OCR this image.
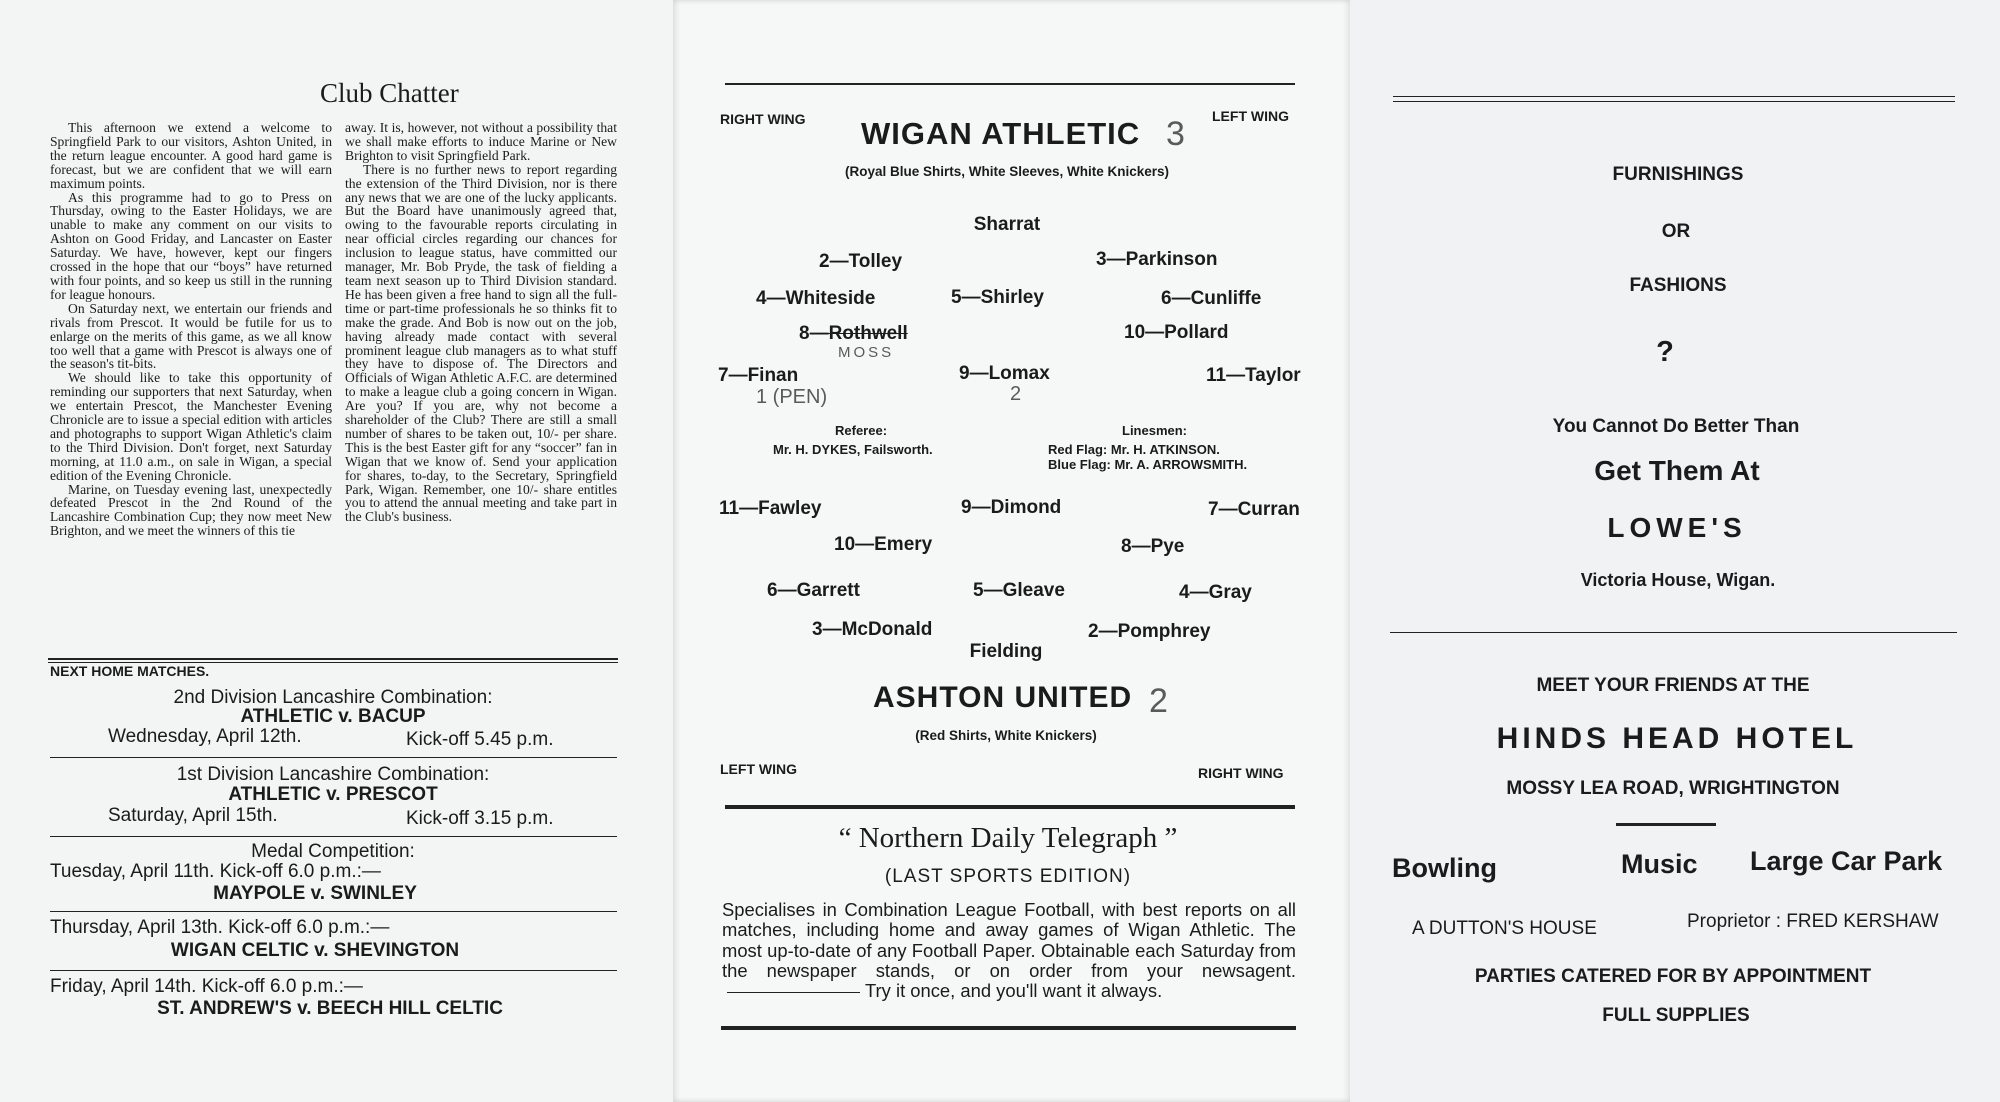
Club Chatter

This afternoon we extend a welcome to Springfield Park to our visitors, Ashton United, in the return league encounter. A good hard game is forecast, but we are confident that we will earn maximum points.

As this programme had to go to Press on Thursday, owing to the Easter Holidays, we are unable to make any comment on our visits to Ashton on Good Friday, and Lancaster on Easter Saturday. We have, however, kept our fingers crossed in the hope that our “boys” have returned with four points, and so keep us still in the running for league honours.

On Saturday next, we entertain our friends and rivals from Prescot. It would be futile for us to enlarge on the merits of this game, as we all know too well that a game with Prescot is always one of the season's tit-bits.

We should like to take this opportunity of reminding our supporters that next Saturday, when we entertain Prescot, the Manchester Evening Chronicle are to issue a special edition with articles and photographs to support Wigan Athletic's claim to the Third Division. Don't forget, next Saturday morning, at 11.0 a.m., on sale in Wigan, a special edition of the Evening Chronicle.

Marine, on Tuesday evening last, unexpectedly defeated Prescot in the 2nd Round of the Lancashire Combination Cup; they now meet New Brighton, and we meet the winners of this tie

away. It is, however, not without a possibility that we shall make efforts to induce Marine or New Brighton to visit Springfield Park.

There is no further news to report regarding the extension of the Third Division, nor is there any news that we are one of the lucky applicants. But the Board have unanimously agreed that, owing to the favourable reports circulating in near official circles regarding our chances for inclusion to league status, have committed our manager, Mr. Bob Pryde, the task of fielding a team next season up to Third Division standard. He has been given a free hand to sign all the full-time or part-time professionals he so thinks fit to make the grade. And Bob is now out on the job, having already made contact with several prominent league club managers as to what stuff they have to dispose of. The Directors and Officials of Wigan Athletic A.F.C. are determined to make a league club a going concern in Wigan. Are you? If you are, why not become a shareholder of the Club? There are still a small number of shares to be taken out, 10/- per share. This is the best Easter gift for any “soccer” fan in Wigan that we know of. Send your application for shares, to-day, to the Secretary, Springfield Park, Wigan. Remember, one 10/- share entitles you to attend the annual meeting and take part in the Club's business.

NEXT HOME MATCHES.
2nd Division Lancashire Combination:
ATHLETIC v. BACUP
Wednesday, April 12th.	Kick-off 5.45 p.m.
1st Division Lancashire Combination:
ATHLETIC v. PRESCOT
Saturday, April 15th.	Kick-off 3.15 p.m.
Medal Competition:
Tuesday, April 11th. Kick-off 6.0 p.m.:—
MAYPOLE v. SWINLEY
Thursday, April 13th. Kick-off 6.0 p.m.:—
WIGAN CELTIC v. SHEVINGTON
Friday, April 14th. Kick-off 6.0 p.m.:—
ST. ANDREW'S v. BEECH HILL CELTIC
RIGHT WING	LEFT WING
WIGAN ATHLETIC 3
(Royal Blue Shirts, White Sleeves, White Knickers)
Sharrat
2—Tolley	3—Parkinson
4—Whiteside	5—Shirley	6—Cunliffe
8—Rothwell
MOSS
10—Pollard
7—Finan
1 (PEN)
9—Lomax
2
11—Taylor
Referee:
Mr. H. DYKES, Failsworth.
Linesmen:
Red Flag: Mr. H. ATKINSON.
Blue Flag: Mr. A. ARROWSMITH.
11—Fawley	9—Dimond	7—Curran
10—Emery	8—Pye
6—Garrett	5—Gleave	4—Gray
3—McDonald	2—Pomphrey
Fielding
ASHTON UNITED 2
(Red Shirts, White Knickers)
LEFT WING	RIGHT WING
“ Northern Daily Telegraph ”
(LAST SPORTS EDITION)
Specialises in Combination League Football, with best reports on all matches, including home and away games of Wigan Athletic. The most up-to-date of any Football Paper. Obtainable each Saturday from the newspaper stands, or on order from your newsagent.Try it once, and you'll want it always.
FURNISHINGS
OR
FASHIONS
?
You Cannot Do Better Than
Get Them At
LOWE'S
Victoria House, Wigan.
MEET YOUR FRIENDS AT THE
HINDS HEAD HOTEL
MOSSY LEA ROAD, WRIGHTINGTON
Bowling	Music Large Car Park
A DUTTON'S HOUSE	Proprietor : FRED KERSHAW
PARTIES CATERED FOR BY APPOINTMENT
FULL SUPPLIES
